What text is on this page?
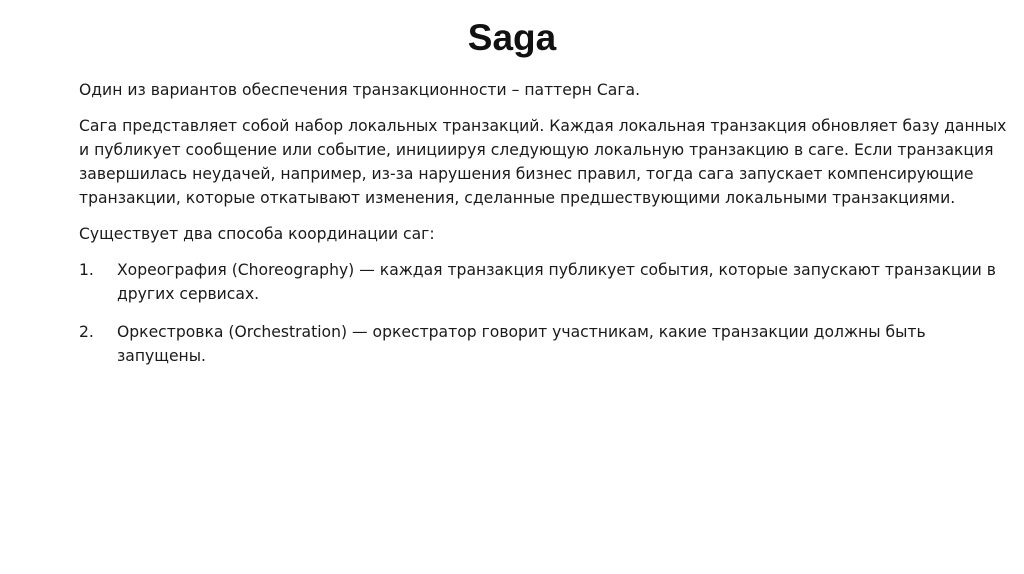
Saga

Один из вариантов обеспечения транзакционности – паттерн Сага.

Сага представляет собой набор локальных транзакций. Каждая локальная транзакция обновляет базу данных и публикует сообщение или событие, инициируя следующую локальную транзакцию в саге. Если транзакция завершилась неудачей, например, из-за нарушения бизнес правил, тогда сага запускает компенсирующие транзакции, которые откатывают изменения, сделанные предшествующими локальными транзакциями.

Существует два способа координации саг:

1.	Хореография (Choreography) — каждая транзакция публикует события, которые запускают транзакции в других сервисах.
2.	Оркестровка (Orchestration) — оркестратор говорит участникам, какие транзакции должны быть запущены.
